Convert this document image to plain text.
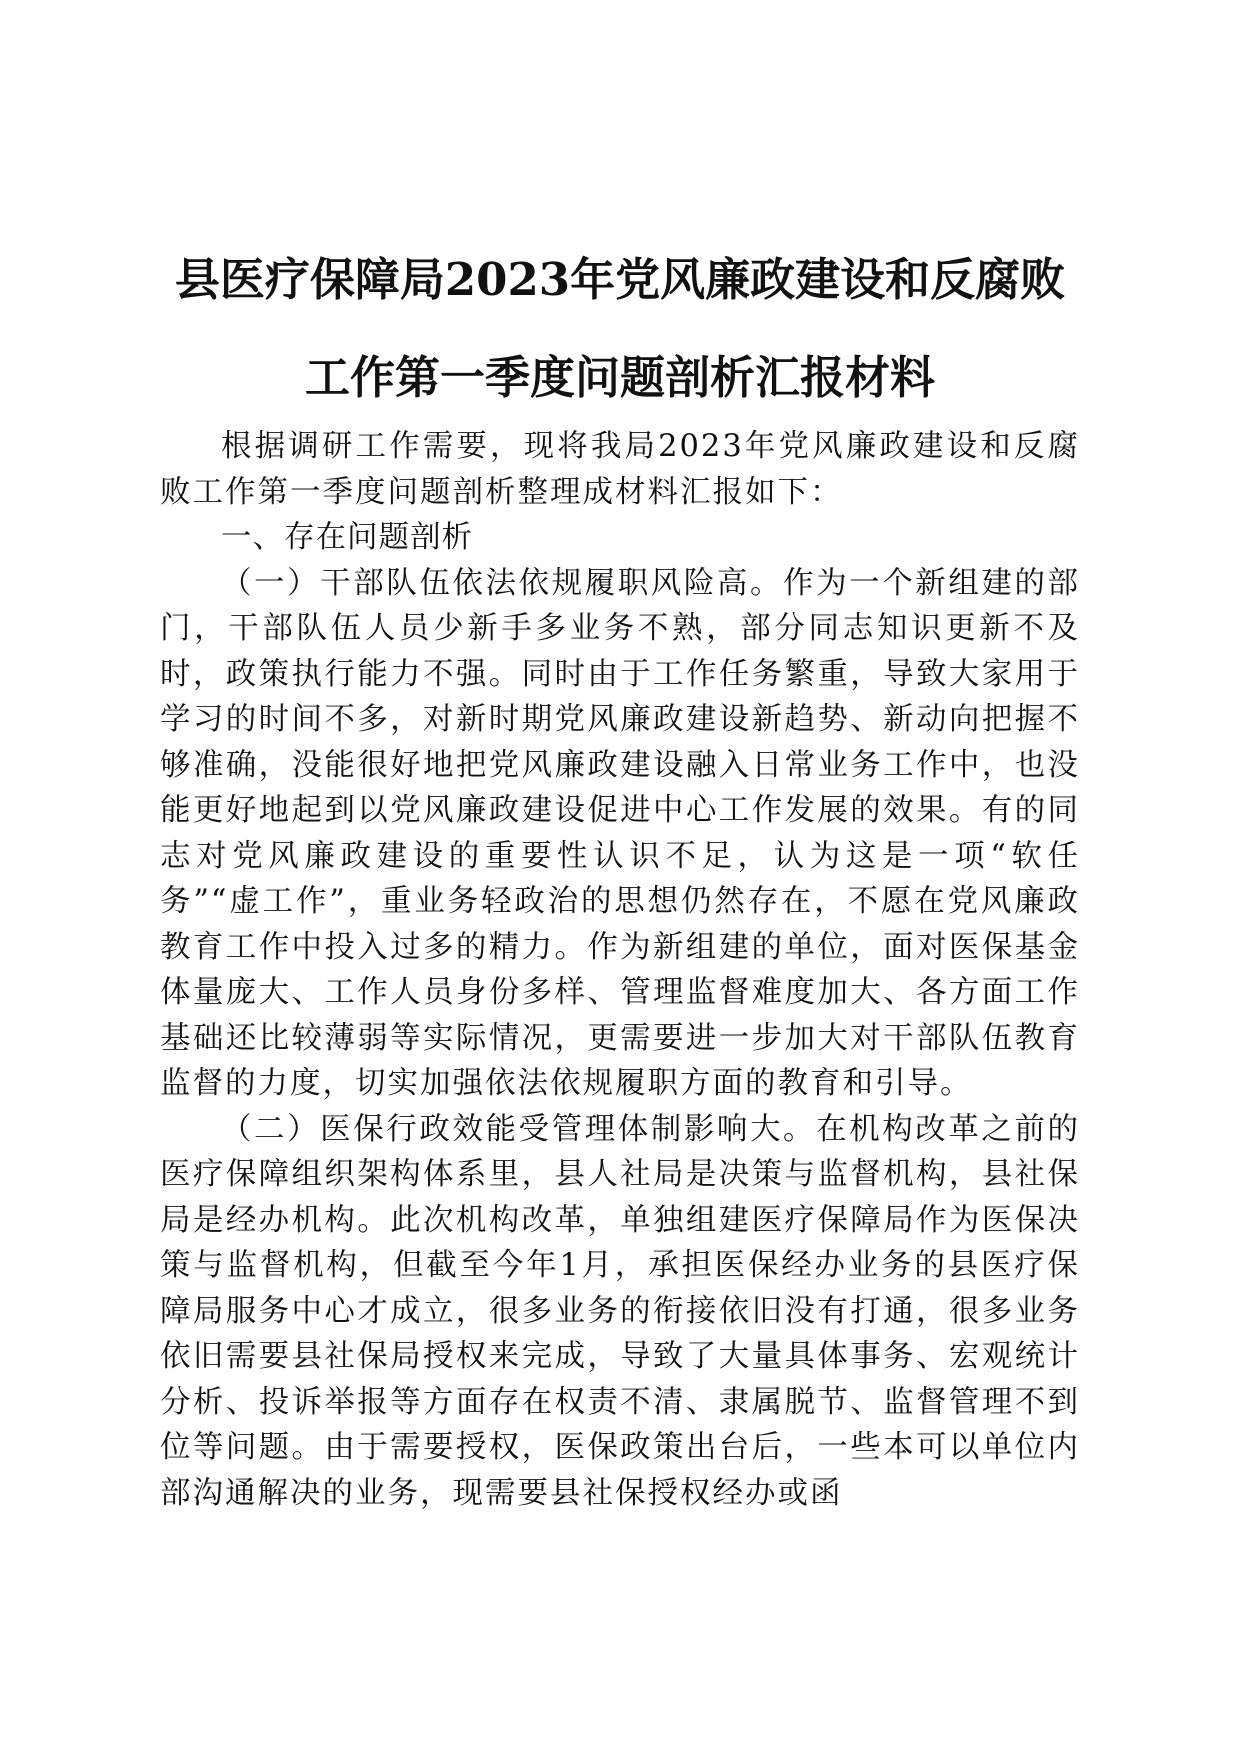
县医疗保障局2023年党风廉政建设和反腐败
工作第一季度问题剖析汇报材料

根据调研工作需要，现将我局2023年党风廉政建设和反腐败工作第一季度问题剖析整理成材料汇报如下：

一、存在问题剖析

（一）干部队伍依法依规履职风险高。作为一个新组建的部门，干部队伍人员少新手多业务不熟，部分同志知识更新不及时，政策执行能力不强。同时由于工作任务繁重，导致大家用于学习的时间不多，对新时期党风廉政建设新趋势、新动向把握不够准确，没能很好地把党风廉政建设融入日常业务工作中，也没能更好地起到以党风廉政建设促进中心工作发展的效果。有的同志对党风廉政建设的重要性认识不足，认为这是一项“软任务”“虚工作”，重业务轻政治的思想仍然存在，不愿在党风廉政教育工作中投入过多的精力。作为新组建的单位，面对医保基金体量庞大、工作人员身份多样、管理监督难度加大、各方面工作基础还比较薄弱等实际情况，更需要进一步加大对干部队伍教育监督的力度，切实加强依法依规履职方面的教育和引导。

（二）医保行政效能受管理体制影响大。在机构改革之前的医疗保障组织架构体系里，县人社局是决策与监督机构，县社保局是经办机构。此次机构改革，单独组建医疗保障局作为医保决策与监督机构，但截至今年1月，承担医保经办业务的县医疗保障局服务中心才成立，很多业务的衔接依旧没有打通，很多业务依旧需要县社保局授权来完成，导致了大量具体事务、宏观统计分析、投诉举报等方面存在权责不清、隶属脱节、监督管理不到位等问题。由于需要授权，医保政策出台后，一些本可以单位内部沟通解决的业务，现需要县社保授权经办或函
